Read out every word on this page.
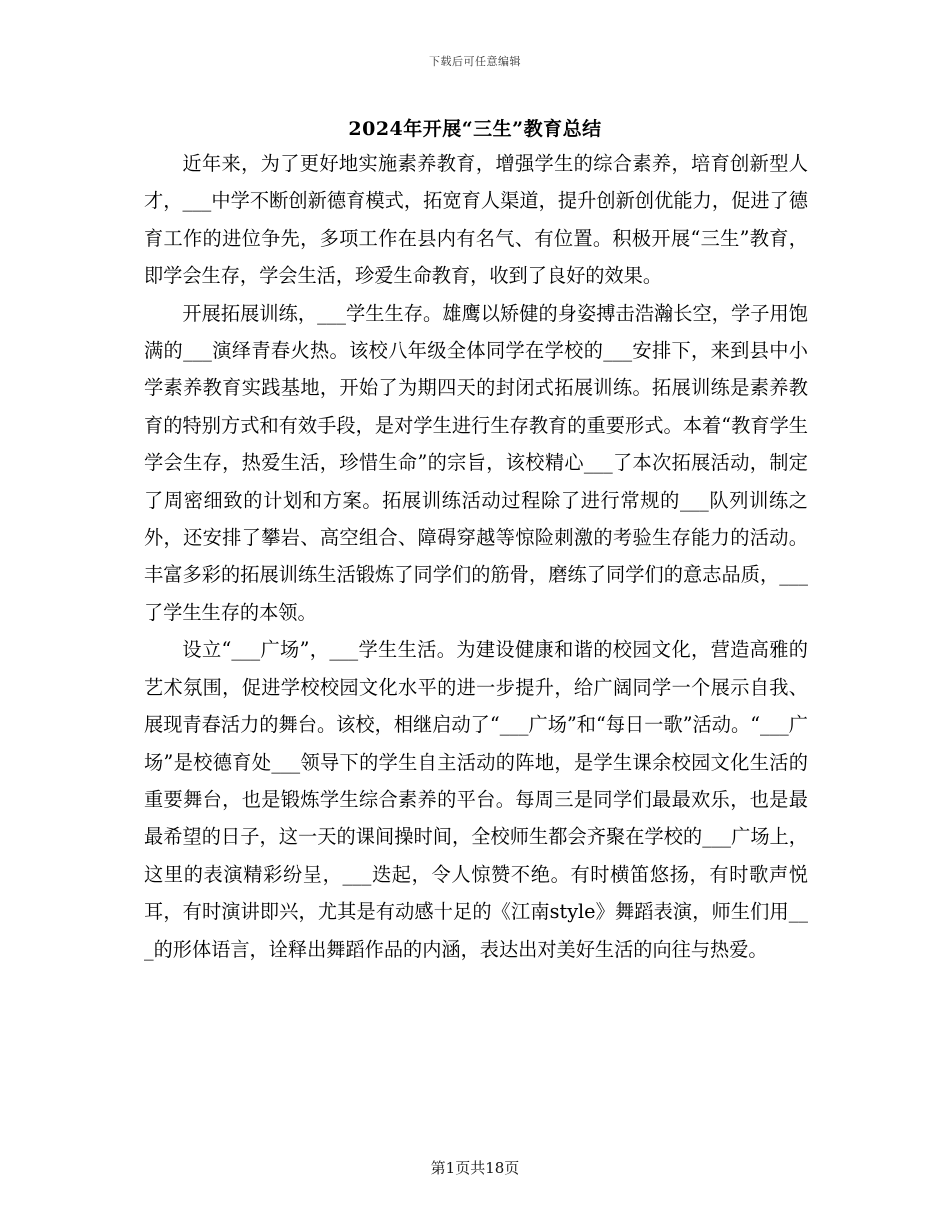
下载后可任意编辑
2024年开展“三生”教育总结

近年来，为了更好地实施素养教育，增强学生的综合素养，培育创新型人才，___中学不断创新德育模式，拓宽育人渠道，提升创新创优能力，促进了德育工作的进位争先，多项工作在县内有名气、有位置。积极开展“三生”教育，即学会生存，学会生活，珍爱生命教育，收到了良好的效果。

开展拓展训练，___学生生存。雄鹰以矫健的身姿搏击浩瀚长空，学子用饱满的___演绎青春火热。该校八年级全体同学在学校的___安排下，来到县中小学素养教育实践基地，开始了为期四天的封闭式拓展训练。拓展训练是素养教育的特别方式和有效手段，是对学生进行生存教育的重要形式。本着“教育学生学会生存，热爱生活，珍惜生命”的宗旨，该校精心___了本次拓展活动，制定了周密细致的计划和方案。拓展训练活动过程除了进行常规的___队列训练之外，还安排了攀岩、高空组合、障碍穿越等惊险刺激的考验生存能力的活动。丰富多彩的拓展训练生活锻炼了同学们的筋骨，磨练了同学们的意志品质，___了学生生存的本领。

设立“___广场”，___学生生活。为建设健康和谐的校园文化，营造高雅的艺术氛围，促进学校校园文化水平的进一步提升，给广阔同学一个展示自我、展现青春活力的舞台。该校，相继启动了“___广场”和“每日一歌”活动。“___广场”是校德育处___领导下的学生自主活动的阵地，是学生课余校园文化生活的重要舞台，也是锻炼学生综合素养的平台。每周三是同学们最最欢乐，也是最最希望的日子，这一天的课间操时间，全校师生都会齐聚在学校的___广场上，这里的表演精彩纷呈，___迭起，令人惊赞不绝。有时横笛悠扬，有时歌声悦耳，有时演讲即兴，尤其是有动感十足的《江南style》舞蹈表演，师生们用___的形体语言，诠释出舞蹈作品的内涵，表达出对美好生活的向往与热爱。

第1页共18页
